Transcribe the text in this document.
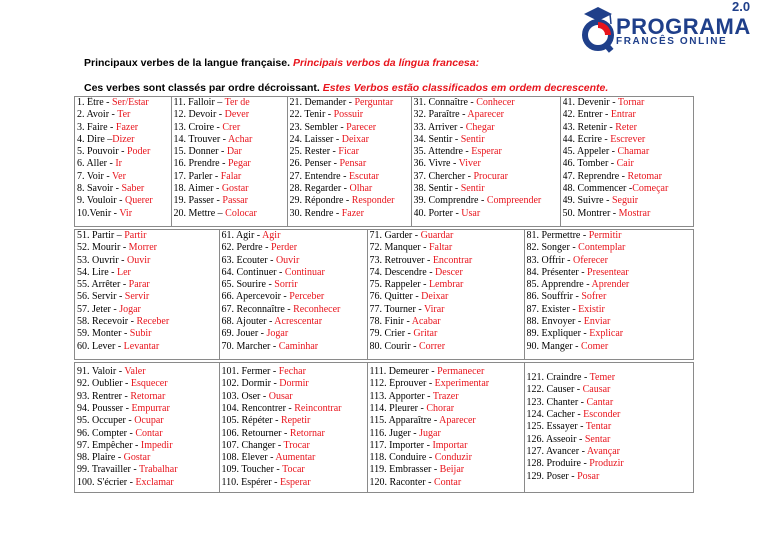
2.0
PROGRAMA
FRANCÊS ONLINE
Principaux verbes de la langue française. Principais verbos da língua francesa:
Ces verbes sont classés par ordre décroissant. Estes Verbos estão classificados em ordem decrescente.
1. Être - Ser/Estar
2. Avoir - Ter
3. Faire - Fazer
4. Dire –Dizer
5. Pouvoir - Poder
6. Aller - Ir
7. Voir - Ver
8. Savoir - Saber
9. Vouloir - Querer
10.Venir - Vir

11. Falloir – Ter de
12. Devoir - Dever
13. Croire - Crer
14. Trouver - Achar
15. Donner - Dar
16. Prendre - Pegar
17. Parler - Falar
18. Aimer - Gostar
19. Passer - Passar
20. Mettre – Colocar

21. Demander - Perguntar
22. Tenir - Possuir
23. Sembler - Parecer
24. Laisser - Deixar
25. Rester - Ficar
26. Penser - Pensar
27. Entendre - Escutar
28. Regarder - Olhar
29. Répondre - Responder
30. Rendre - Fazer

31. Connaître - Conhecer
32. Paraître - Aparecer
33. Arriver - Chegar
34. Sentir - Sentir
35. Attendre - Esperar
36. Vivre - Viver
37. Chercher - Procurar
38. Sentir - Sentir
39. Comprendre - Compreender
40. Porter - Usar

41. Devenir - Tornar
42. Entrer - Entrar
43. Retenir - Reter
44. Écrire - Escrever
45. Appeler - Chamar
46. Tomber - Cair
47. Reprendre - Retomar
48. Commencer -Começar
49. Suivre - Seguir
50. Montrer - Mostrar
51. Partir – Partir
52. Mourir - Morrer
53. Ouvrir - Ouvir
54. Lire - Ler
55. Arrêter - Parar
56. Servir - Servir
57. Jeter - Jogar
58. Recevoir - Receber
59. Monter - Subir
60. Lever - Levantar

61. Agir - Agir
62. Perdre - Perder
63. Écouter - Ouvir
64. Continuer - Continuar
65. Sourire - Sorrir
66. Apercevoir - Perceber
67. Reconnaître - Reconhecer
68. Ajouter - Acrescentar
69. Jouer - Jogar
70. Marcher - Caminhar

71. Garder - Guardar
72. Manquer - Faltar
73. Retrouver - Encontrar
74. Descendre - Descer
75. Rappeler - Lembrar
76. Quitter - Deixar
77. Tourner - Virar
78. Finir - Acabar
79. Crier - Gritar
80. Courir - Correr

81. Permettre - Permitir
82. Songer - Contemplar
83. Offrir - Oferecer
84. Présenter - Presentear
85. Apprendre - Aprender
86. Souffrir - Sofrer
87. Exister - Existir
88. Envoyer - Enviar
89. Expliquer - Explicar
90. Manger - Comer
91. Valoir - Valer
92. Oublier - Esquecer
93. Rentrer - Retornar
94. Pousser - Empurrar
95. Occuper - Ocupar
96. Compter - Contar
97. Empêcher - Impedir
98. Plaire - Gostar
99. Travailler - Trabalhar
100. S'écrier - Exclamar

101. Fermer - Fechar
102. Dormir - Dormir
103. Oser - Ousar
104. Rencontrer - Reincontrar
105. Répéter - Repetir
106. Retourner - Retornar
107. Changer - Trocar
108. Élever - Aumentar
109. Toucher - Tocar
110. Espérer - Esperar

111. Demeurer - Permanecer
112. Éprouver - Experimentar
113. Apporter - Trazer
114. Pleurer - Chorar
115. Apparaître - Aparecer
116. Juger - Jugar
117. Importer - Importar
118. Conduire - Conduzir
119. Embrasser - Beijar
120. Raconter - Contar

121. Craindre - Temer
122. Causer - Causar
123. Chanter - Cantar
124. Cacher - Esconder
125. Essayer - Tentar
126. Asseoir - Sentar
127. Avancer - Avançar
128. Produire - Produzir
129. Poser - Posar
